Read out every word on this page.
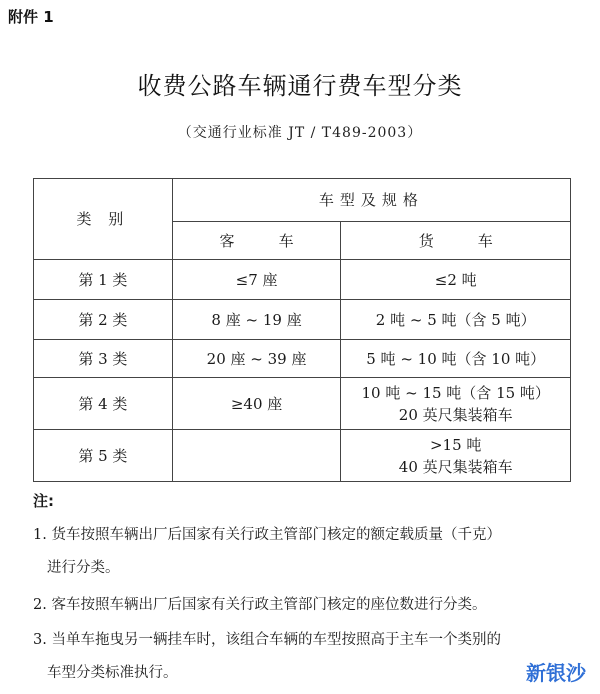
附件 1
收费公路车辆通行费车型分类
（交通行业标准 JT / T489-2003）
类 别	车型及规格	
	客 车	货 车
第 1 类	≤7 座	≤2 吨
第 2 类	8 座 ~ 19 座	2 吨 ~ 5 吨（含 5 吨）
第 3 类	20 座 ~ 39 座	5 吨 ~ 10 吨（含 10 吨）
第 4 类	≥40 座	10 吨 ~ 15 吨（含 15 吨）
20 英尺集装箱车

第 5 类		>15 吨
40 英尺集装箱车
注:
1. 货车按照车辆出厂后国家有关行政主管部门核定的额定载质量（千克）
进行分类。
2. 客车按照车辆出厂后国家有关行政主管部门核定的座位数进行分类。
3. 当单车拖曳另一辆挂车时，该组合车辆的车型按照高于主车一个类别的
车型分类标准执行。	新银沙
